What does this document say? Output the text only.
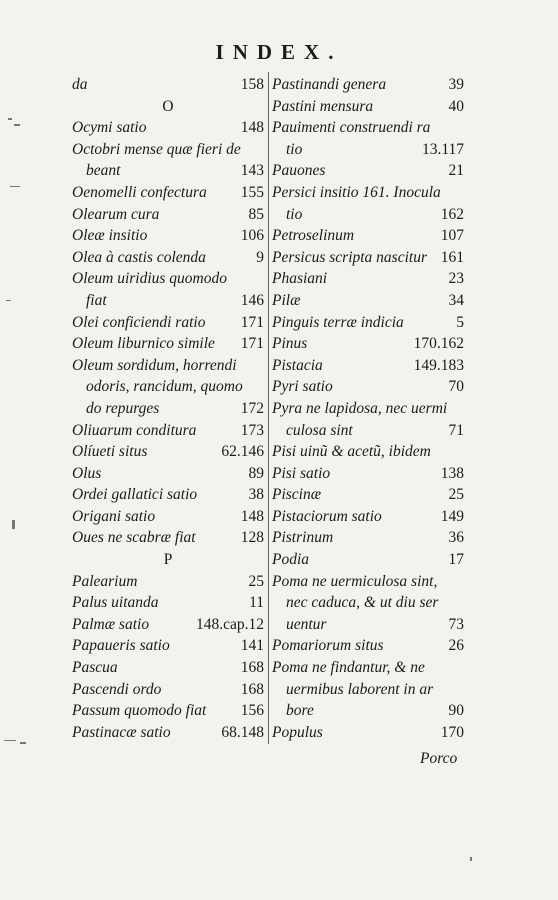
INDEX.
da	158
O
Ocymi satio	148
Octobri mense quæ fieri de
beant	143
Oenomelli confectura 155
Olearum cura	85
Oleæ insitio	106
Olea à castis colenda	9
Oleum uiridius quomodo
fiat	146
Olei conficiendi ratio 171
Oleum liburnico simile 171
Oleum sordidum, horrendi
odoris, rancidum, quomo
do repurges	172
Oliuarum conditura	173
Olíueti situs	62.146
Olus	89
Ordei gallatici satio	38
Origani satio	148
Oues ne scabræ fiat	128
P
Palearium	25
Palus uitanda	11
Palmæ satio	148.cap.12
Papaueris satio	141
Pascua	168
Pascendi ordo	168
Passum quomodo fiat 156
Pastinacæ satio	68.148
Pastinandi genera	39
Pastini mensura	40
Pauimenti construendi ra
tio	13.117
Pauones	21
Persici insitio 161. Inocula
tio	162
Petroselinum	107
Persicus scripta nascitur 161
Phasiani	23
Pilæ	34
Pinguis terræ indicia	5
Pinus	170.162
Pistacia	149.183
Pyri satio	70
Pyra ne lapidosa, nec uermi
culosa sint	71
Pisi uinũ & acetũ, ibidem
Pisi satio	138
Piscinæ	25
Pistaciorum satio	149
Pistrinum	36
Podia	17
Poma ne uermiculosa sint,
nec caduca, & ut diu ser
uentur	73
Pomariorum situs	26
Poma ne findantur, & ne
uermibus laborent in ar
bore	90
Populus	170
Porco
